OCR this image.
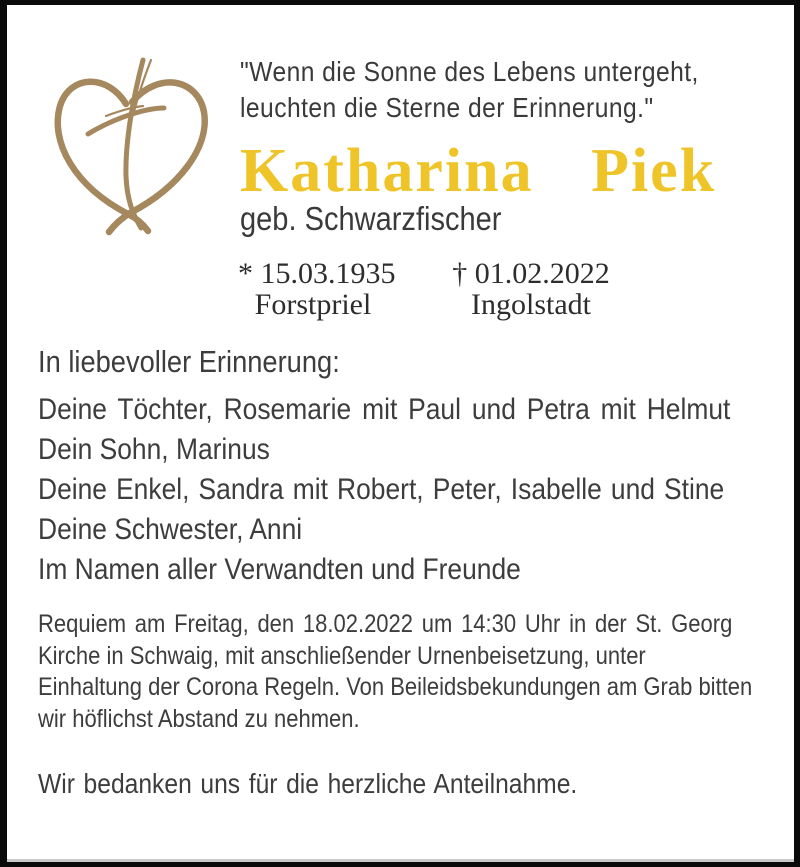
"Wenn die Sonne des Lebens untergeht,
leuchten die Sterne der Erinnerung."
Katharina Piek
geb. Schwarzfischer
* 15.03.1935
Forstpriel
† 01.02.2022
Ingolstadt
In liebevoller Erinnerung:
Deine Töchter, Rosemarie mit Paul und Petra mit Helmut
Dein Sohn, Marinus
Deine Enkel, Sandra mit Robert, Peter, Isabelle und Stine
Deine Schwester, Anni
Im Namen aller Verwandten und Freunde
Requiem am Freitag, den 18.02.2022 um 14:30 Uhr in der St. Georg
Kirche in Schwaig, mit anschließender Urnenbeisetzung, unter
Einhaltung der Corona Regeln. Von Beileidsbekundungen am Grab bitten
wir höflichst Abstand zu nehmen.
Wir bedanken uns für die herzliche Anteilnahme.
